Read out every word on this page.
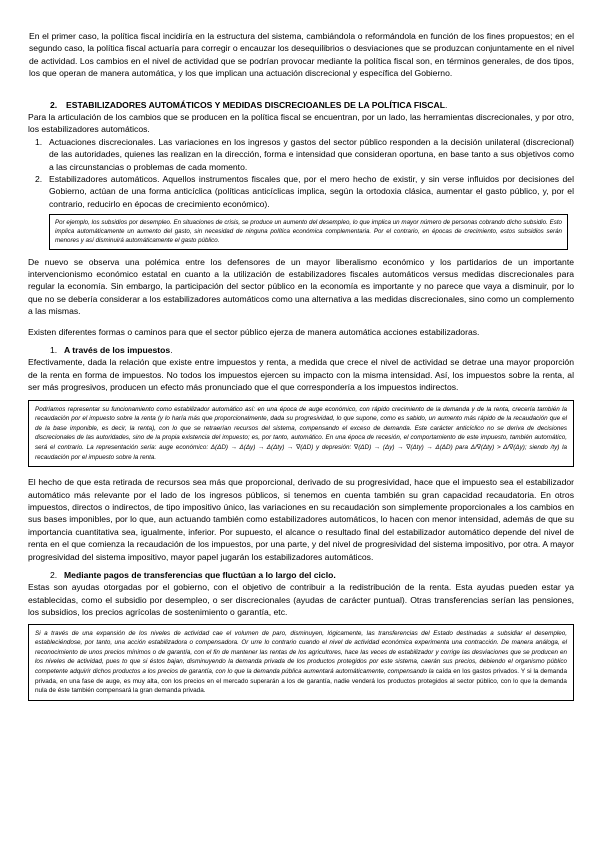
En el primer caso, la política fiscal incidiría en la estructura del sistema, cambiándola o reformándola en función de los fines propuestos; en el segundo caso, la política fiscal actuaría para corregir o encauzar los desequilibrios o desviaciones que se produzcan conjuntamente en el nivel de actividad. Los cambios en el nivel de actividad que se podrían provocar mediante la política fiscal son, en términos generales, de dos tipos, los que operan de manera automática, y los que implican una actuación discrecional y específica del Gobierno.

2. ESTABILIZADORES AUTOMÁTICOS Y MEDIDAS DISCRECIOANLES DE LA POLÍTICA FISCAL.

Para la articulación de los cambios que se producen en la política fiscal se encuentran, por un lado, las herramientas discrecionales, y por otro, los estabilizadores automáticos.

1. Actuaciones discrecionales. Las variaciones en los ingresos y gastos del sector público responden a la decisión unilateral (discrecional) de las autoridades, quienes las realizan en la dirección, forma e intensidad que consideran oportuna, en base tanto a sus objetivos como a las circunstancias o problemas de cada momento.
2. Estabilizadores automáticos. Aquellos instrumentos fiscales que, por el mero hecho de existir, y sin verse influidos por decisiones del Gobierno, actúan de una forma anticíclica (políticas anticíclicas implica, según la ortodoxia clásica, aumentar el gasto público, y, por el contrario, reducirlo en épocas de crecimiento económico).
Por ejemplo, los subsidios por desempleo. En situaciones de crisis, se produce un aumento del desempleo, lo que implica un mayor número de personas cobrando dicho subsidio. Esto implica automáticamente un aumento del gasto, sin necesidad de ninguna política económica complementaria. Por el contrario, en épocas de crecimiento, estos subsidios serán menores y así disminuirá automáticamente el gasto público.

De nuevo se observa una polémica entre los defensores de un mayor liberalismo económico y los partidarios de un importante intervencionismo económico estatal en cuanto a la utilización de estabilizadores fiscales automáticos versus medidas discrecionales para regular la economía. Sin embargo, la participación del sector público en la economía es importante y no parece que vaya a disminuir, por lo que no se debería considerar a los estabilizadores automáticos como una alternativa a las medidas discrecionales, sino como un complemento a las mismas.

Existen diferentes formas o caminos para que el sector público ejerza de manera automática acciones estabilizadoras.

1. A través de los impuestos.

Efectivamente, dada la relación que existe entre impuestos y renta, a medida que crece el nivel de actividad se detrae una mayor proporción de la renta en forma de impuestos. No todos los impuestos ejercen su impacto con la misma intensidad. Así, los impuestos sobre la renta, al ser más progresivos, producen un efecto más pronunciado que el que correspondería a los impuestos indirectos.

Podríamos representar su funcionamiento como estabilizador automático así: en una época de auge económico, con rápido crecimiento de la demanda y de la renta, crecería también la recaudación por el impuesto sobre la renta (y lo haría más que proporcionalmente, dada su progresividad, lo que supone, como es sabido, un aumento más rápido de la recaudación que el de la base imponible, es decir, la renta), con lo que se retraerían recursos del sistema, compensando el exceso de demanda. Este carácter anticíclico no se deriva de decisiones discrecionales de las autoridades, sino de la propia existencia del impuesto; es, por tanto, automático. En una época de recesión, el comportamiento de este impuesto, también automático, será el contrario. La representación sería: auge económico: Δ(ΔD) → Δ(Δy) → Δ(Δty) → ∇(ΔD) y depresión: ∇(ΔD) → (Δy) → ∇(Δty) → Δ(ΔD) para Δ/∇(Δty) > Δ/∇(Δy); siendo /ty) la recaudación por el impuesto sobre la renta.

El hecho de que esta retirada de recursos sea más que proporcional, derivado de su progresividad, hace que el impuesto sea el estabilizador automático más relevante por el lado de los ingresos públicos, si tenemos en cuenta también su gran capacidad recaudatoria. En otros impuestos, directos o indirectos, de tipo impositivo único, las variaciones en su recaudación son simplemente proporcionales a los cambios en sus bases imponibles, por lo que, aun actuando también como estabilizadores automáticos, lo hacen con menor intensidad, además de que su importancia cuantitativa sea, igualmente, inferior. Por supuesto, el alcance o resultado final del estabilizador automático depende del nivel de renta en el que comienza la recaudación de los impuestos, por una parte, y del nivel de progresividad del sistema impositivo, por otra. A mayor progresividad del sistema impositivo, mayor papel jugarán los estabilizadores automáticos.

2. Mediante pagos de transferencias que fluctúan a lo largo del ciclo.

Estas son ayudas otorgadas por el gobierno, con el objetivo de contribuir a la redistribución de la renta. Esta ayudas pueden estar ya establecidas, como el subsidio por desempleo, o ser discrecionales (ayudas de carácter puntual). Otras transferencias serían las pensiones, los subsidios, los precios agrícolas de sostenimiento o garantía, etc.

Si a través de una expansión de los niveles de actividad cae el volumen de paro, disminuyen, lógicamente, las transferencias del Estado destinadas a subsidiar el desempleo, estableciéndose, por tanto, una acción estabilizadora o compensadora. Or urre lo contrario cuando el nivel de actividad económica experimenta una contracción. De manera análoga, el reconocimiento de unos precios mínimos o de garantía, con el fin de mantener las rentas de los agricultores, hace las veces de estabilizador y corrige las desviaciones que se producen en los niveles de actividad, pues to que si éstos bajan, disminuyendo la demanda privada de los productos protegidos por este sistema, caerán sus precios, debiendo el organismo público competente adquirir dichos productos a los precios de garantía, con lo que la demanda pública aumentará automáticamente, compensando la caída en los gastos privados. Y si la demanda privada, en una fase de auge, es muy alta, con los precios en el mercado superarán a los de garantía, nadie venderá los productos protegidos al sector público, con lo que la demanda nula de éste también compensará la gran demanda privada.
